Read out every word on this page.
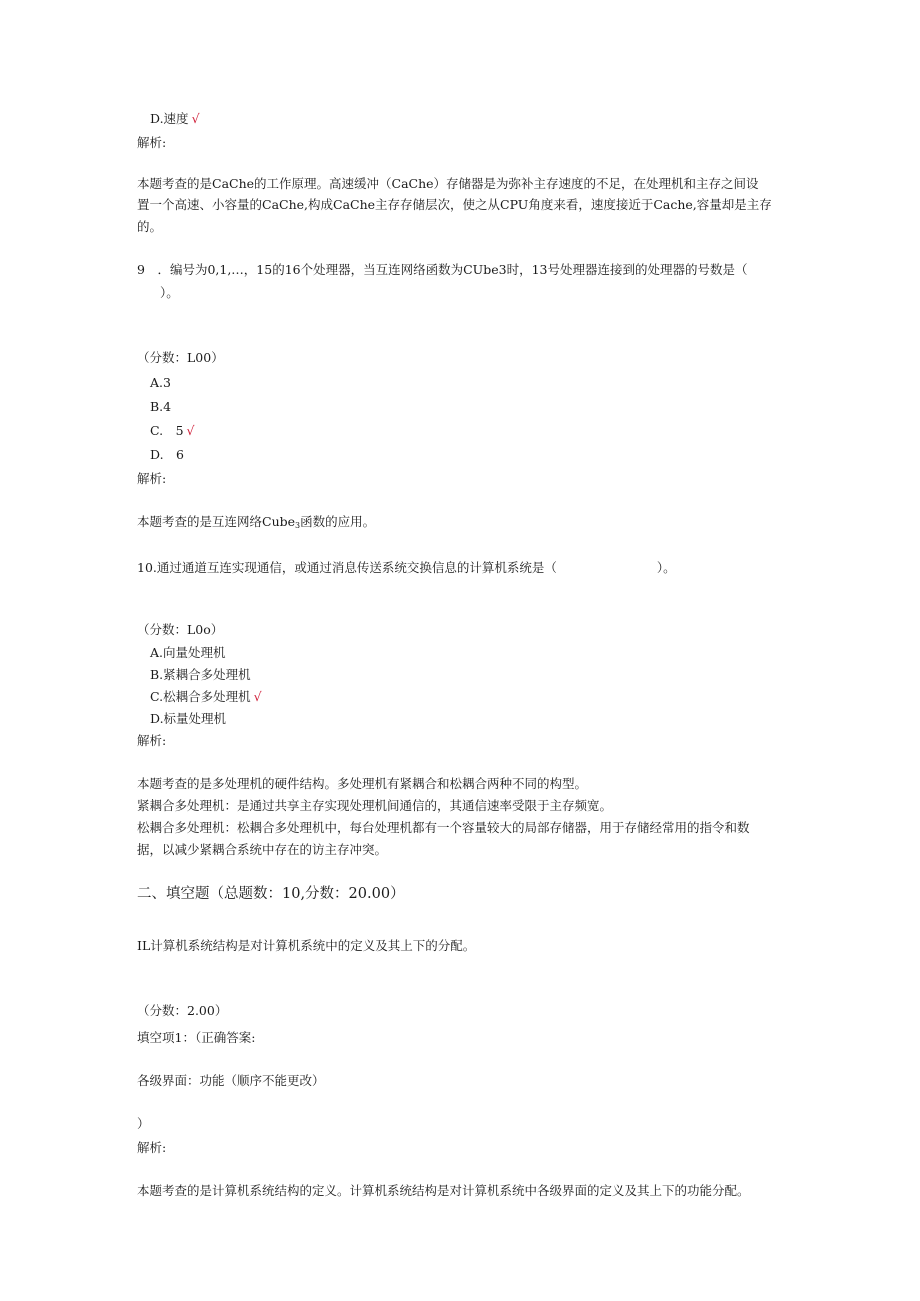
D.速度 √
解析:
本题考查的是CaChe的工作原理。高速缓冲（CaChe）存储器是为弥补主存速度的不足，在处理机和主存之间设
置一个高速、小容量的CaChe,构成CaChe主存存储层次，使之从CPU角度来看，速度接近于Cache,容量却是主存
的。
9　．编号为0,1,…，15的16个处理器，当互连网络函数为CUbe3时，13号处理器连接到的处理器的号数是（
）。
（分数：L00）
A.3
B.4
C.　5 √
D.　6
解析:
本题考查的是互连网络Cube$_3$函数的应用。
10.通过通道互连实现通信，或通过消息传送系统交换信息的计算机系统是（　　　　　　　　）。
（分数：L0o）
A.向量处理机
B.紧耦合多处理机
C.松耦合多处理机 √
D.标量处理机
解析:
本题考查的是多处理机的硬件结构。多处理机有紧耦合和松耦合两种不同的构型。
紧耦合多处理机：是通过共享主存实现处理机间通信的，其通信速率受限于主存频宽。
松耦合多处理机：松耦合多处理机中，每台处理机都有一个容量较大的局部存储器，用于存储经常用的指令和数
据，以减少紧耦合系统中存在的访主存冲突。
二、填空题（总题数：10,分数：20.00）
IL计算机系统结构是对计算机系统中的定义及其上下的分配。
（分数：2.00）
填空项1：（正确答案:
各级界面：功能（顺序不能更改）
）
解析:
本题考查的是计算机系统结构的定义。计算机系统结构是对计算机系统中各级界面的定义及其上下的功能分配。
